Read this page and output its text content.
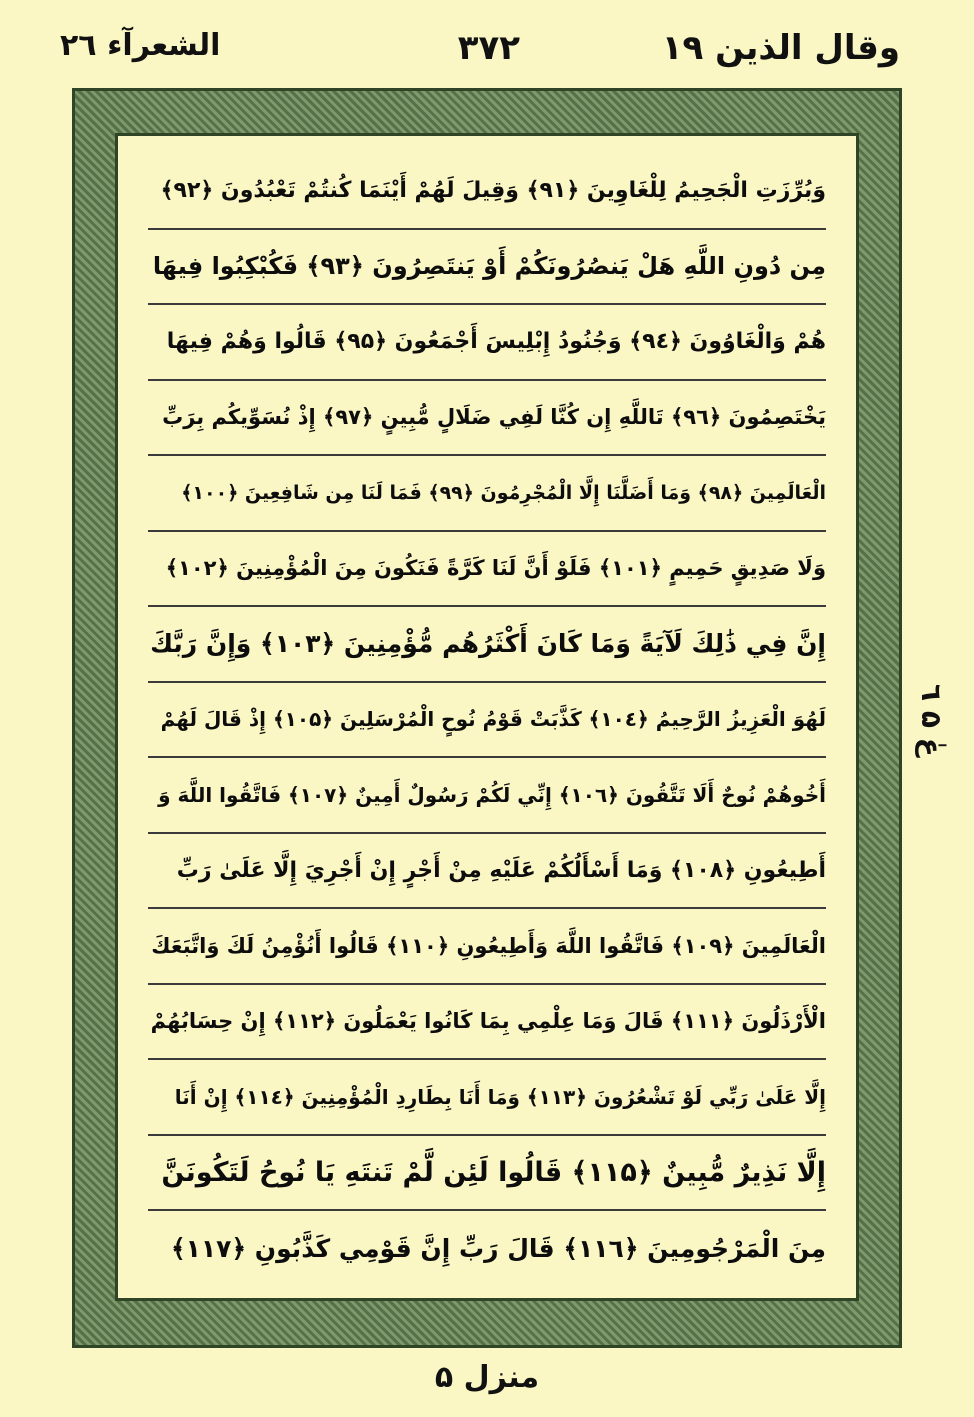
وقال الذين ۱۹
۳۷۲
الشعرآء ۲٦
وَبُرِّزَتِ الْجَحِيمُ لِلْغَاوِينَ ﴿۹۱﴾ وَقِيلَ لَهُمْ أَيْنَمَا كُنتُمْ تَعْبُدُونَ ﴿۹۲﴾
مِن دُونِ اللَّهِ هَلْ يَنصُرُونَكُمْ أَوْ يَنتَصِرُونَ ﴿۹۳﴾ فَكُبْكِبُوا فِيهَا
هُمْ وَالْغَاوُونَ ﴿۹٤﴾ وَجُنُودُ إِبْلِيسَ أَجْمَعُونَ ﴿۹۵﴾ قَالُوا وَهُمْ فِيهَا
يَخْتَصِمُونَ ﴿۹٦﴾ تَاللَّهِ إِن كُنَّا لَفِي ضَلَالٍ مُّبِينٍ ﴿۹۷﴾ إِذْ نُسَوِّيكُم بِرَبِّ
الْعَالَمِينَ ﴿۹۸﴾ وَمَا أَضَلَّنَا إِلَّا الْمُجْرِمُونَ ﴿۹۹﴾ فَمَا لَنَا مِن شَافِعِينَ ﴿۱۰۰﴾
وَلَا صَدِيقٍ حَمِيمٍ ﴿۱۰۱﴾ فَلَوْ أَنَّ لَنَا كَرَّةً فَنَكُونَ مِنَ الْمُؤْمِنِينَ ﴿۱۰۲﴾
إِنَّ فِي ذَٰلِكَ لَآيَةً وَمَا كَانَ أَكْثَرُهُم مُّؤْمِنِينَ ﴿۱۰۳﴾ وَإِنَّ رَبَّكَ
لَهُوَ الْعَزِيزُ الرَّحِيمُ ﴿۱۰٤﴾ كَذَّبَتْ قَوْمُ نُوحٍ الْمُرْسَلِينَ ﴿۱۰۵﴾ إِذْ قَالَ لَهُمْ
أَخُوهُمْ نُوحٌ أَلَا تَتَّقُونَ ﴿۱۰٦﴾ إِنِّي لَكُمْ رَسُولٌ أَمِينٌ ﴿۱۰۷﴾ فَاتَّقُوا اللَّهَ وَ
أَطِيعُونِ ﴿۱۰۸﴾ وَمَا أَسْأَلُكُمْ عَلَيْهِ مِنْ أَجْرٍ إِنْ أَجْرِيَ إِلَّا عَلَىٰ رَبِّ
الْعَالَمِينَ ﴿۱۰۹﴾ فَاتَّقُوا اللَّهَ وَأَطِيعُونِ ﴿۱۱۰﴾ قَالُوا أَنُؤْمِنُ لَكَ وَاتَّبَعَكَ
الْأَرْذَلُونَ ﴿۱۱۱﴾ قَالَ وَمَا عِلْمِي بِمَا كَانُوا يَعْمَلُونَ ﴿۱۱۲﴾ إِنْ حِسَابُهُمْ
إِلَّا عَلَىٰ رَبِّي لَوْ تَشْعُرُونَ ﴿۱۱۳﴾ وَمَا أَنَا بِطَارِدِ الْمُؤْمِنِينَ ﴿۱۱٤﴾ إِنْ أَنَا
إِلَّا نَذِيرٌ مُّبِينٌ ﴿۱۱۵﴾ قَالُوا لَئِن لَّمْ تَنتَهِ يَا نُوحُ لَتَكُونَنَّ
مِنَ الْمَرْجُومِينَ ﴿۱۱٦﴾ قَالَ رَبِّ إِنَّ قَوْمِي كَذَّبُونِ ﴿۱۱۷﴾
عٰ ۵ ٦
منزل ۵
